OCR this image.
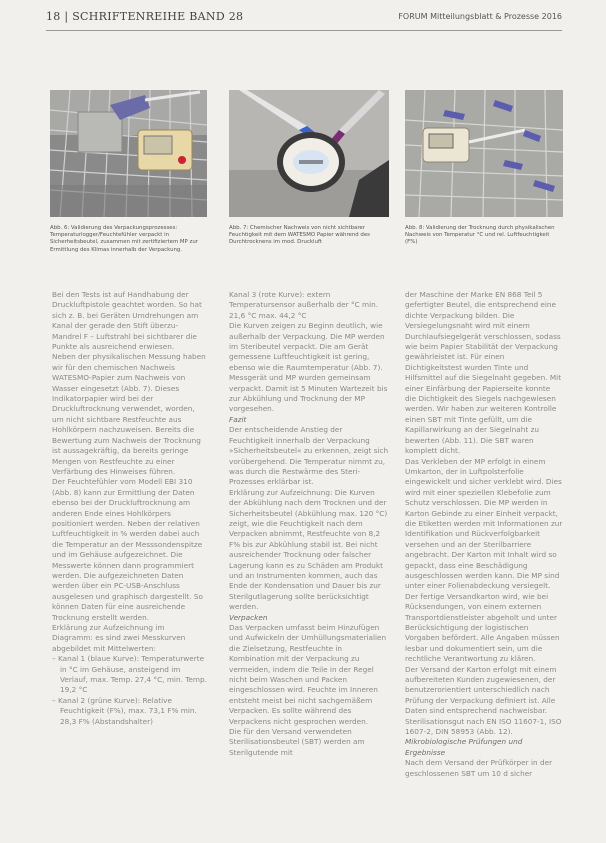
18 | SCHRIFTENREIHE BAND 28	FORUM Mitteilungsblatt & Prozesse 2016
Abb. 6: Validierung des Verpackungsprozesses: Temperaturlogger/Feuchtefühler verpackt in Sicherheitsbeutel, zusammen mit zertifiziertem MP zur Ermittlung des Klimas innerhalb der Verpackung.
Abb. 7: Chemischer Nachweis von nicht sichtbarer Feuchtigkeit mit dem WATESMO Papier während des Durchtrocknens im mod. Druckluft
Abb. 8: Validierung der Trocknung durch physikalischen Nachweis von Temperatur °C und rel. Luftfeuchtigkeit (F%)

Bei den Tests ist auf Handhabung der Druckluftpistole geachtet worden. So hat sich z. B. bei Geräten Umdrehungen am Kanal der gerade den Stift überzu-

Mandrel F – Luftstrahl bei sichtbarer die Punkte als ausreichend erwiesen.

Neben der physikalischen Messung haben wir für den chemischen Nachweis WATESMO-Papier zum Nachweis von Wasser eingesetzt (Abb. 7). Dieses Indikatorpapier wird bei der Druckluftrocknung verwendet, worden, um nicht sichtbare Restfeuchte aus Hohlkörpern nachzuweisen. Bereits die Bewertung zum Nachweis der Trocknung ist aussagekräftig, da bereits geringe Mengen von Restfeuchte zu einer Verfärbung des Hinweises führen.

Der Feuchtefühler vom Modell EBI 310 (Abb. 8) kann zur Ermittlung der Daten ebenso bei der Druckluftrocknung am anderen Ende eines Hohlkörpers positioniert werden. Neben der relativen Luftfeuchtigkeit in % werden dabei auch die Temperatur an der Messsondenspitze und im Gehäuse aufgezeichnet. Die Messwerte können dann programmiert werden. Die aufgezeichneten Daten werden über ein PC-USB-Anschluss ausgelesen und graphisch dargestellt. So können Daten für eine ausreichende Trocknung erstellt werden.

Erklärung zur Aufzeichnung im Diagramm: es sind zwei Messkurven abgebildet mit Mittelwerten:

– Kanal 1 (blaue Kurve): Temperaturwerte in °C im Gehäuse, ansteigend im Verlauf, max. Temp. 27,4 °C, min. Temp. 19,2 °C

– Kanal 2 (grüne Kurve): Relative Feuchtigkeit (F%), max. 73,1 F% min. 28,3 F% (Abstandshalter)

Kanal 3 (rote Kurve): extern Temperatursensor außerhalb der °C min. 21,6 °C max. 44,2 °C

Die Kurven zeigen zu Beginn deutlich, wie außerhalb der Verpackung. Die MP werden im Steribeutel verpackt. Die am Gerät gemessene Luftfeuchtigkeit ist gering, ebenso wie die Raumtemperatur (Abb. 7). Messgerät und MP wurden gemeinsam verpackt. Damit ist 5 Minuten Wartezeit bis zur Abkühlung und Trocknung der MP vorgesehen.

Fazit

Der entscheidende Anstieg der Feuchtigkeit innerhalb der Verpackung »Sicherheitsbeutel« zu erkennen, zeigt sich vorübergehend. Die Temperatur nimmt zu, was durch die Restwärme des Steri-Prozesses erklärbar ist.

Erklärung zur Aufzeichnung: Die Kurven der Abkühlung nach dem Trocknen und der Sicherheitsbeutel (Abkühlung max. 120 °C) zeigt, wie die Feuchtigkeit nach dem Verpacken abnimmt, Restfeuchte von 8,2 F% bis zur Abkühlung stabil ist. Bei nicht ausreichender Trocknung oder falscher Lagerung kann es zu Schäden am Produkt und an Instrumenten kommen, auch das Ende der Kondensation und Dauer bis zur Sterilgutlagerung sollte berücksichtigt werden.

Verpacken

Das Verpacken umfasst beim Hinzufügen und Aufwickeln der Umhüllungsmaterialien die Zielsetzung, Restfeuchte in Kombination mit der Verpackung zu vermeiden, indem die Teile in der Regel nicht beim Waschen und Packen eingeschlossen wird. Feuchte im Inneren entsteht meist bei nicht sachgemäßem Verpacken. Es sollte während des Verpackens nicht gesprochen werden.

Die für den Versand verwendeten Sterilisationsbeutel (SBT) werden am Sterilgutende mit

der Maschine der Marke EN 868 Teil 5 gefertigter Beutel, die entsprechend eine dichte Verpackung bilden. Die Versiegelungsnaht wird mit einem Durchlaufsiegelgerät verschlossen, sodass wie beim Papier Stabilität der Verpackung gewährleistet ist. Für einen Dichtigkeitstest wurden Tinte und Hilfsmittel auf die Siegelnaht gegeben. Mit einer Einfärbung der Papierseite konnte die Dichtigkeit des Siegels nachgewiesen werden. Wir haben zur weiteren Kontrolle einen SBT mit Tinte gefüllt, um die Kapillarwirkung an der Siegelnaht zu bewerten (Abb. 11). Die SBT waren komplett dicht.

Das Verkleben der MP erfolgt in einem Umkarton, der in Luftpolsterfolie eingewickelt und sicher verklebt wird. Dies wird mit einer speziellen Klebefolie zum Schutz verschlossen. Die MP werden in Karton Gebinde zu einer Einheit verpackt, die Etiketten werden mit Informationen zur Identifikation und Rückverfolgbarkeit versehen und an der Sterilbarriere angebracht. Der Karton mit Inhalt wird so gepackt, dass eine Beschädigung ausgeschlossen werden kann. Die MP sind unter einer Folienabdeckung versiegelt. Der fertige Versandkarton wird, wie bei Rücksendungen, von einem externen Transportdienstleister abgeholt und unter Berücksichtigung der logistischen Vorgaben befördert. Alle Angaben müssen lesbar und dokumentiert sein, um die rechtliche Verantwortung zu klären.

Der Versand der Karton erfolgt mit einem aufbereiteten Kunden zugewiesenen, der benutzerorientiert unterschiedlich nach Prüfung der Verpackung definiert ist. Alle Daten sind entsprechend nachweisbar. Sterilisationsgut nach EN ISO 11607-1, ISO 1607-2, DIN 58953 (Abb. 12).

Mikrobiologische Prüfungen und Ergebnisse

Nach dem Versand der Prüfkörper in der geschlossenen SBT um 10 d sicher
